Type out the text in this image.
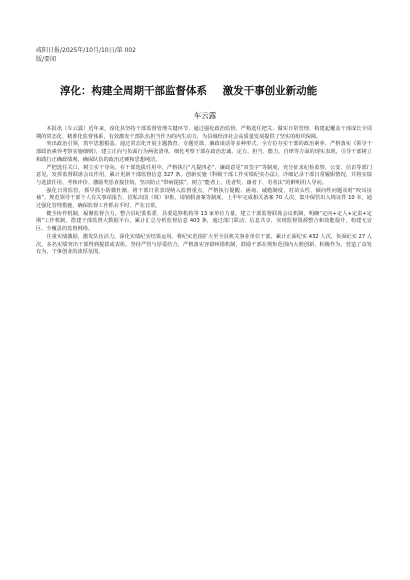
咸阳日报/2025年/10月/10日/第 002
版/要闻
淳化：构建全周期干部监督体系 激发干事创业新动能
车云露

本报讯（车云露）近年来，淳化县坚持干部监督管理关键环节，通过强化政治监督、严格选任把关、做实日常管理、构建起覆盖干部成长全周期的常态化、精准化监督体系，有效激发干部队伍担当作为的内生动力，为县域经济社会高质量发展提供了坚实的组织保障。

突出政治引领，筑牢思想根基。通过常态化开展主题教育、专题党课、廉政谈话等多种形式，全方位夯实干部的政治素养。严格落实《领导干部政治素养考察实施细则》，建立正向与负面行为两张清单，细化考察干部在政治忠诚、定力、担当、能力、自律等方面的现实表现，引导干部树立和践行正确政绩观，确保队伍的政治过硬和思想纯洁。

严把选任关口，树立实干导向。在干部选拔任用中，严格执行“凡提四必”、廉政意见“双签字”等制度，充分征求纪检监察、公安、信访等部门意见，发挥监督联席会议作用，累计更新干部监督信息 327 条。创新实施《科级干部工作实绩纪实办法》，详细记录干部日常履职情况，并将实绩与选拔任用、考核评价、激励奖惩直接挂钩，坚决防止“带病提拔”，树立“能者上、优者奖、庸者下、劣者汰”的鲜明用人导向。

强化日常监管，抓早抓小防微杜渐。将干部日常表现纳入监督重点，严格执行提醒、函询、诫勉制度，对苗头性、倾向性问题及时“咬耳扯袖”。规范领导干部个人有关事项报告、招私出国（境）审批、请销假备案等制度，上半年完成相关备案 70 人次，集中保管出入境证件 10 本，通过强化管理措施，确保监督工作抓在平时、严在日常。

健全协作机制，凝聚监督合力。整合县纪委监委、县委巡察机构等 13 家单位力量，建立干部监督联席会议机制，明确“定向+定人+定责+定期”工作机制，搭建干部监督大数据平台，累计汇总分析监督信息 403 条，通过部门联动、信息共享，实现监督资源整合和效能提升，构建无盲区、全覆盖的监督网络。

注重实绩激励，激发队伍活力。深化实绩纪实结果运用，将纪实范围扩大至全县机关事业单位干部，累计正面纪实 432 人次，负面纪实 27 人次，多名实绩突出干部得到提拔或表彰。坚持严管与厚爱结合，严格落实容错纠错机制，鼓励干部在规矩范围内大胆创新、积极作为，营造了奋发有为、干事创业的浓厚氛围。
